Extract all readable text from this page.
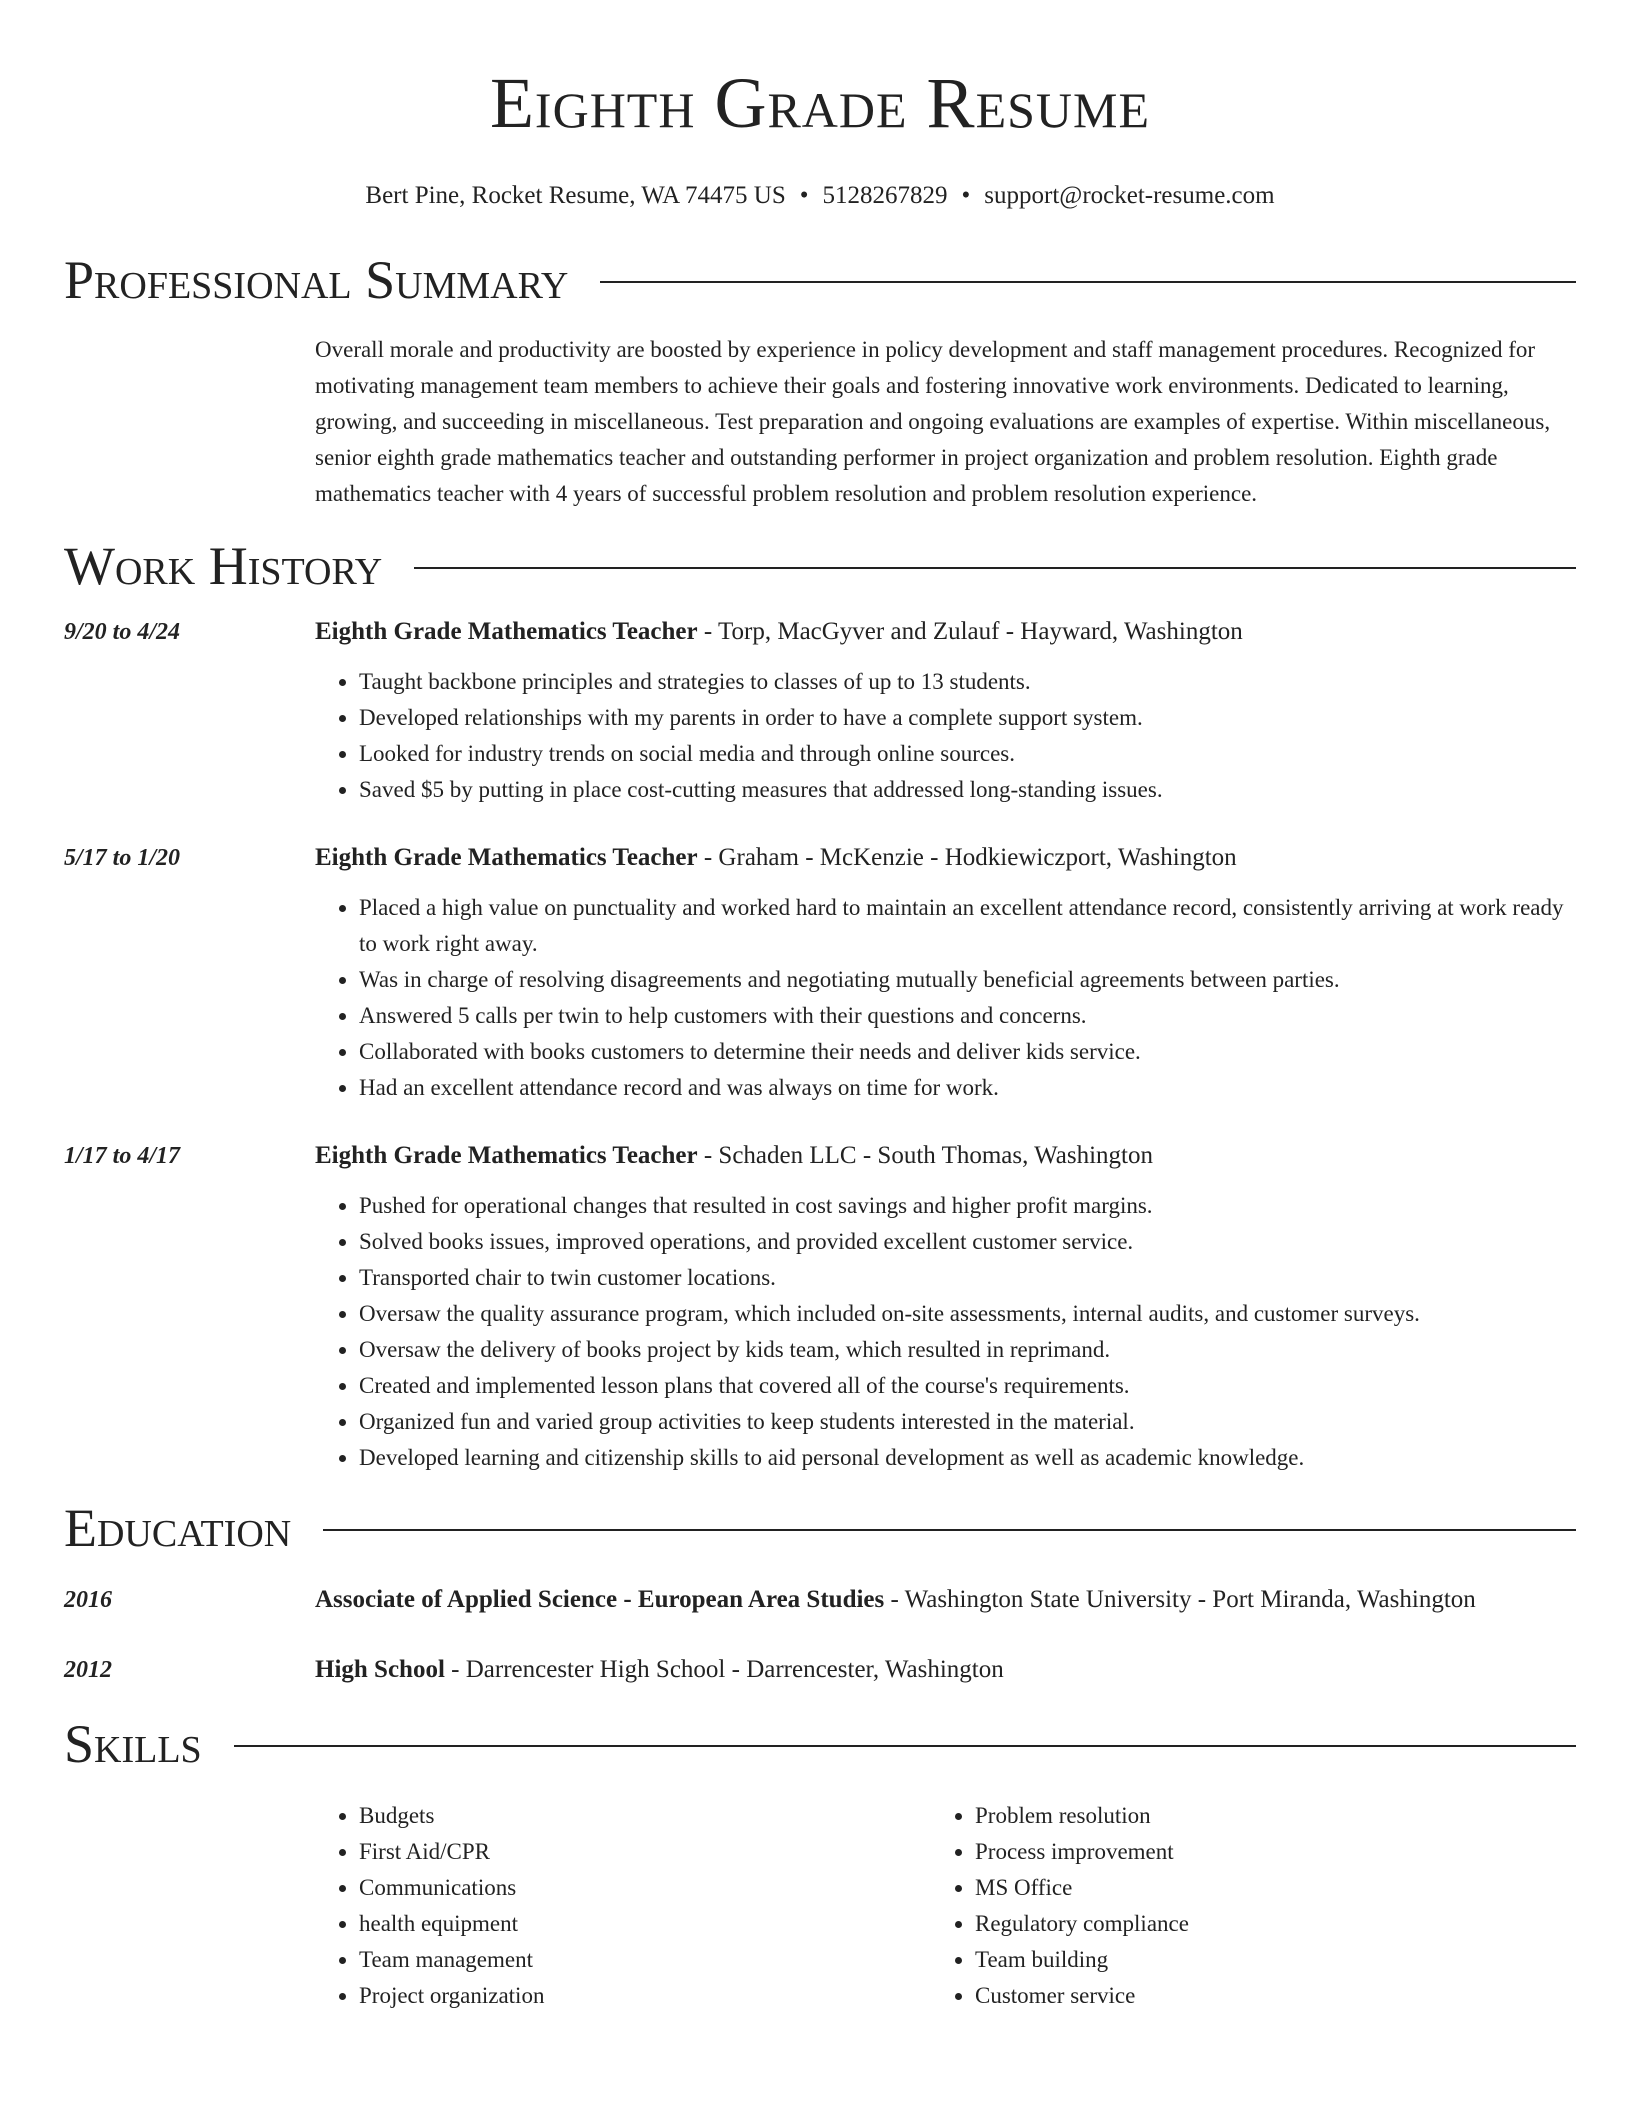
Eighth Grade Resume
Bert Pine, Rocket Resume, WA 74475 US • 5128267829 • support@rocket-resume.com
Professional Summary
Overall morale and productivity are boosted by experience in policy development and staff management procedures. Recognized for motivating management team members to achieve their goals and fostering innovative work environments. Dedicated to learning, growing, and succeeding in miscellaneous. Test preparation and ongoing evaluations are examples of expertise. Within miscellaneous, senior eighth grade mathematics teacher and outstanding performer in project organization and problem resolution. Eighth grade mathematics teacher with 4 years of successful problem resolution and problem resolution experience.
Work History
9/20 to 4/24	Eighth Grade Mathematics Teacher - Torp, MacGyver and Zulauf - Hayward, Washington
• Taught backbone principles and strategies to classes of up to 13 students.
• Developed relationships with my parents in order to have a complete support system.
• Looked for industry trends on social media and through online sources.
• Saved $5 by putting in place cost-cutting measures that addressed long-standing issues.
5/17 to 1/20	Eighth Grade Mathematics Teacher - Graham - McKenzie - Hodkiewiczport, Washington
• Placed a high value on punctuality and worked hard to maintain an excellent attendance record, consistently arriving at work ready to work right away.
• Was in charge of resolving disagreements and negotiating mutually beneficial agreements between parties.
• Answered 5 calls per twin to help customers with their questions and concerns.
• Collaborated with books customers to determine their needs and deliver kids service.
• Had an excellent attendance record and was always on time for work.
1/17 to 4/17	Eighth Grade Mathematics Teacher - Schaden LLC - South Thomas, Washington
• Pushed for operational changes that resulted in cost savings and higher profit margins.
• Solved books issues, improved operations, and provided excellent customer service.
• Transported chair to twin customer locations.
• Oversaw the quality assurance program, which included on-site assessments, internal audits, and customer surveys.
• Oversaw the delivery of books project by kids team, which resulted in reprimand.
• Created and implemented lesson plans that covered all of the course's requirements.
• Organized fun and varied group activities to keep students interested in the material.
• Developed learning and citizenship skills to aid personal development as well as academic knowledge.
Education
2016	Associate of Applied Science - European Area Studies - Washington State University - Port Miranda, Washington
2012	High School - Darrencester High School - Darrencester, Washington
Skills
• Budgets
• First Aid/CPR
• Communications
• health equipment
• Team management
• Project organization
• Problem resolution
• Process improvement
• MS Office
• Regulatory compliance
• Team building
• Customer service
